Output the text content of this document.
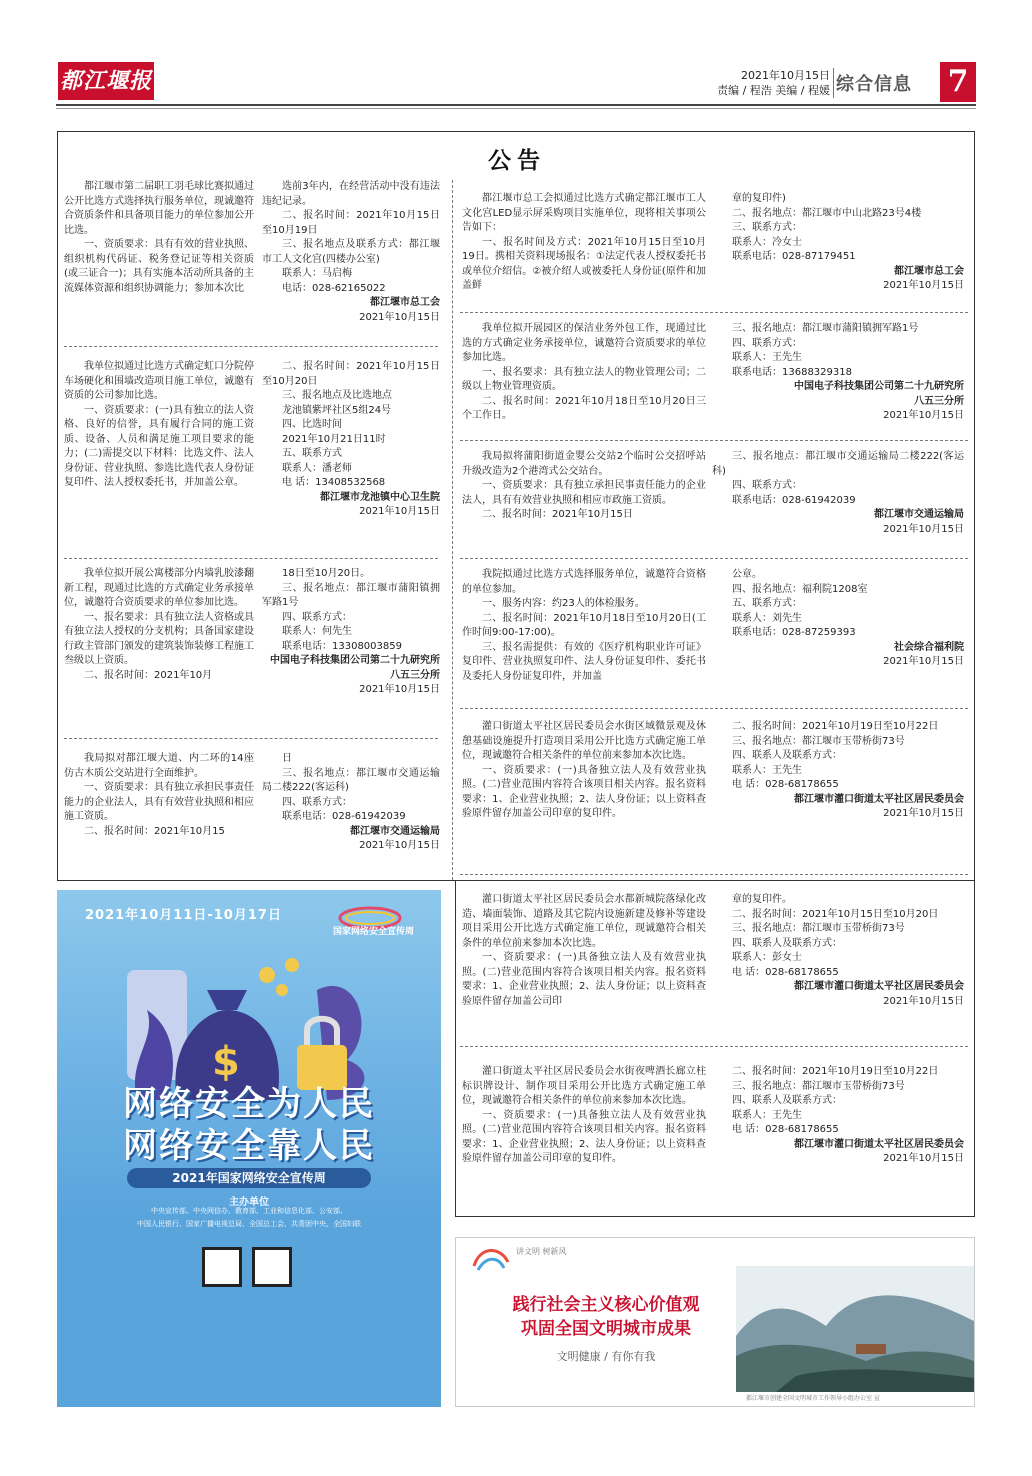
都江堰报	2021年10月15日
责编 / 程浩 美编 / 程媛 综合信息	7
公告

都江堰市第二届职工羽毛球比赛拟通过公开比选方式选择执行服务单位，现诚邀符合资质条件和具备项目能力的单位参加公开比选。

一、资质要求：具有有效的营业执照、组织机构代码证、税务登记证等相关资质(或三证合一)；具有实施本活动所具备的主流媒体资源和组织协调能力；参加本次比

选前3年内，在经营活动中没有违法违纪记录。

二、报名时间：2021年10月15日至10月19日

三、报名地点及联系方式：都江堰市工人文化宫(四楼办公室)

联系人：马启梅

电话：028-62165022

都江堰市总工会

2021年10月15日

我单位拟通过比选方式确定虹口分院停车场硬化和围墙改造项目施工单位，诚邀有资质的公司参加比选。

一、资质要求：(一)具有独立的法人资格、良好的信誉，具有履行合同的施工资质、设备、人员和满足施工项目要求的能力；(二)需提交以下材料：比选文件、法人身份证、营业执照、参选比选代表人身份证复印件、法人授权委托书，并加盖公章。

二、报名时间：2021年10月15日至10月20日

三、报名地点及比选地点

龙池镇紫坪社区5组24号

四、比选时间

2021年10月21日11时

五、联系方式

联系人：潘老师

电 话：13408532568

都江堰市龙池镇中心卫生院

2021年10月15日

我单位拟开展公寓楼部分内墙乳胶漆翻新工程，现通过比选的方式确定业务承接单位，诚邀符合资质要求的单位参加比选。

一、报名要求：具有独立法人资格或具有独立法人授权的分支机构；具备国家建设行政主管部门颁发的建筑装饰装修工程施工叁级以上资质。

二、报名时间：2021年10月

18日至10月20日。

三、报名地点：都江堰市蒲阳镇拥军路1号

四、联系方式：

联系人：何先生

联系电话：13308003859

中国电子科技集团公司第二十九研究所

八五三分所

2021年10月15日

我局拟对都江堰大道、内二环的14座仿古木质公交站进行全面维护。

一、资质要求：具有独立承担民事责任能力的企业法人，具有有效营业执照和相应施工资质。

二、报名时间：2021年10月15

日

三、报名地点：都江堰市交通运输局二楼222(客运科)

四、联系方式：

联系电话：028-61942039

都江堰市交通运输局

2021年10月15日

都江堰市总工会拟通过比选方式确定都江堰市工人文化宫LED显示屏采购项目实施单位，现将相关事项公告如下：

一、报名时间及方式：2021年10月15日至10月19日。携相关资料现场报名：①法定代表人授权委托书或单位介绍信。②被介绍人或被委托人身份证(原件和加盖鲜

章的复印件)

二、报名地点：都江堰市中山北路23号4楼

三、联系方式：

联系人：冷女士

联系电话：028-87179451

都江堰市总工会

2021年10月15日

我单位拟开展园区的保洁业务外包工作，现通过比选的方式确定业务承接单位，诚邀符合资质要求的单位参加比选。

一、报名要求：具有独立法人的物业管理公司；二级以上物业管理资质。

二、报名时间：2021年10月18日至10月20日三个工作日。

三、报名地点：都江堰市蒲阳镇拥军路1号

四、联系方式：

联系人：王先生

联系电话：13688329318

中国电子科技集团公司第二十九研究所

八五三分所

2021年10月15日

我局拟将蒲阳街道金婴公交站2个临时公交招呼站升级改造为2个港湾式公交站台。

一、资质要求：具有独立承担民事责任能力的企业法人，具有有效营业执照和相应市政施工资质。

二、报名时间：2021年10月15日

三、报名地点：都江堰市交通运输局二楼222(客运科)

四、联系方式：

联系电话：028-61942039

都江堰市交通运输局

2021年10月15日

我院拟通过比选方式选择服务单位，诚邀符合资格的单位参加。

一、服务内容：约23人的体检服务。

二、报名时间：2021年10月18日至10月20日(工作时间9:00-17:00)。

三、报名需提供：有效的《医疗机构职业许可证》复印件、营业执照复印件、法人身份证复印件、委托书及委托人身份证复印件，并加盖

公章。

四、报名地点：福利院1208室

五、联系方式：

联系人：刘先生

联系电话：028-87259393

社会综合福利院

2021年10月15日

灌口街道太平社区居民委员会水街区域微景观及休憩基础设施提升打造项目采用公开比选方式确定施工单位，现诚邀符合相关条件的单位前来参加本次比选。

一、资质要求：(一)具备独立法人及有效营业执照。(二)营业范围内容符合该项目相关内容。报名资料要求：1、企业营业执照；2、法人身份证；以上资料查验原件留存加盖公司印章的复印件。

二、报名时间：2021年10月19日至10月22日

三、报名地点：都江堰市玉带桥街73号

四、联系人及联系方式：

联系人：王先生

电 话：028-68178655

都江堰市灌口街道太平社区居民委员会

2021年10月15日

灌口街道太平社区居民委员会水都新城院落绿化改造、墙面装饰、道路及其它院内设施新建及修补等建设项目采用公开比选方式确定施工单位，现诚邀符合相关条件的单位前来参加本次比选。

一、资质要求：(一)具备独立法人及有效营业执照。(二)营业范围内容符合该项目相关内容。报名资料要求：1、企业营业执照；2、法人身份证；以上资料查验原件留存加盖公司印

章的复印件。

二、报名时间：2021年10月15日至10月20日

三、报名地点：都江堰市玉带桥街73号

四、联系人及联系方式：

联系人：彭女士

电 话：028-68178655

都江堰市灌口街道太平社区居民委员会

2021年10月15日

灌口街道太平社区居民委员会水街夜啤酒长廊立柱标识牌设计、制作项目采用公开比选方式确定施工单位，现诚邀符合相关条件的单位前来参加本次比选。

一、资质要求：(一)具备独立法人及有效营业执照。(二)营业范围内容符合该项目相关内容。报名资料要求：1、企业营业执照；2、法人身份证；以上资料查验原件留存加盖公司印章的复印件。

二、报名时间：2021年10月19日至10月22日

三、报名地点：都江堰市玉带桥街73号

四、联系人及联系方式：

联系人：王先生

电 话：028-68178655

都江堰市灌口街道太平社区居民委员会

2021年10月15日

2021年10月11日-10月17日
国家网络安全宣传周
$
网络安全为人民
网络安全靠人民
2021年国家网络安全宣传周
主办单位
中央宣传部、中央网信办、教育部、工业和信息化部、公安部、
中国人民银行、国家广播电视总局、全国总工会、共青团中央、全国妇联
讲文明 树新风
践行社会主义核心价值观
巩固全国文明城市成果
文明健康 / 有你有我
都江堰市创建全国文明城市工作领导小组办公室 宣
